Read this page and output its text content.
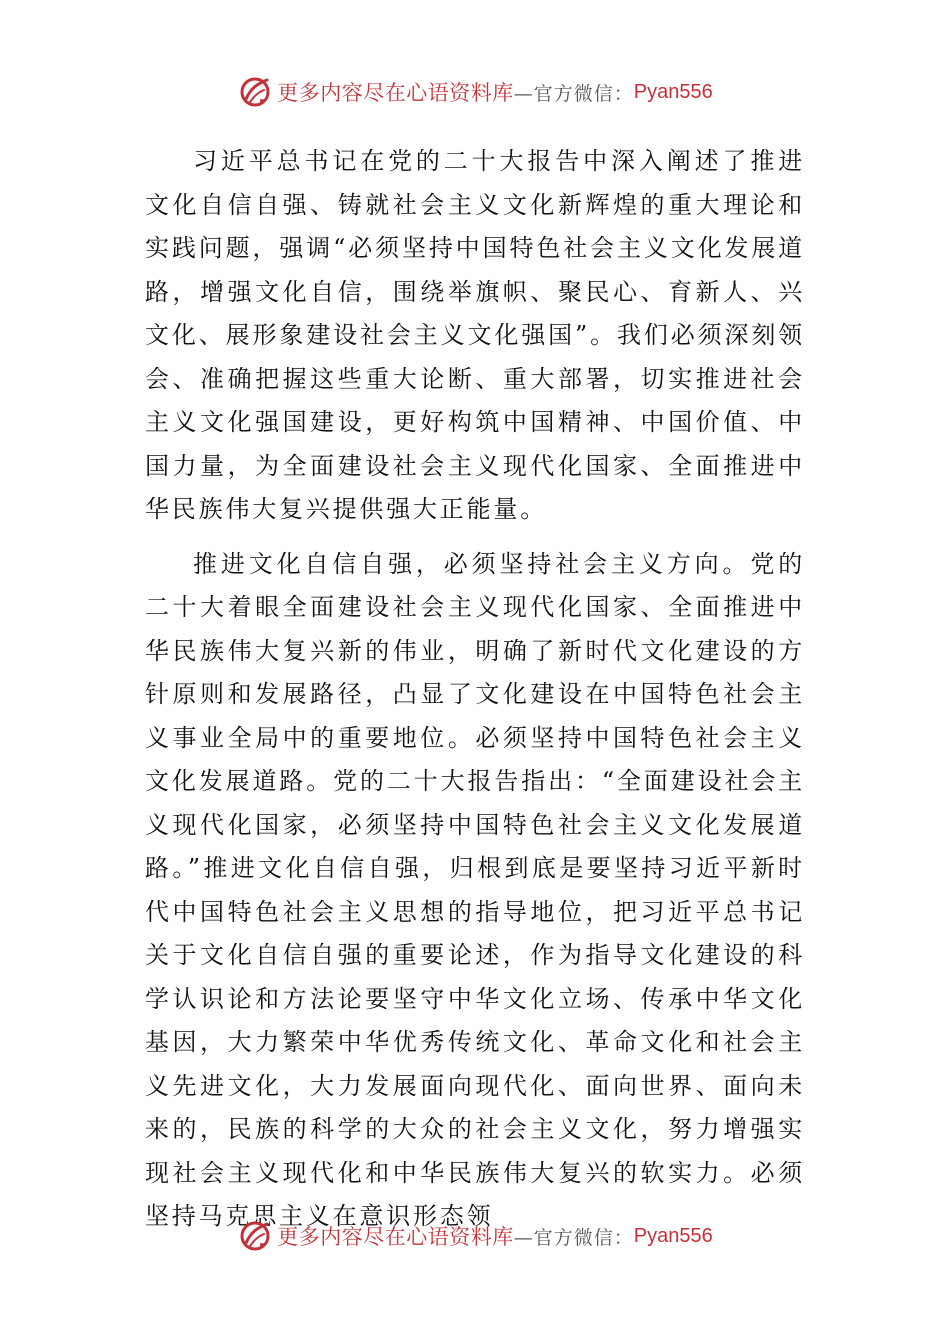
更多内容尽在心语资料库 —官方微信： Pyan556

习近平总书记在党的二十大报告中深入阐述了推进文化自信自强、铸就社会主义文化新辉煌的重大理论和实践问题，强调“必须坚持中国特色社会主义文化发展道路，增强文化自信，围绕举旗帜、聚民心、育新人、兴文化、展形象建设社会主义文化强国”。我们必须深刻领会、准确把握这些重大论断、重大部署，切实推进社会主义文化强国建设，更好构筑中国精神、中国价值、中国力量，为全面建设社会主义现代化国家、全面推进中华民族伟大复兴提供强大正能量。

推进文化自信自强，必须坚持社会主义方向。党的二十大着眼全面建设社会主义现代化国家、全面推进中华民族伟大复兴新的伟业，明确了新时代文化建设的方针原则和发展路径，凸显了文化建设在中国特色社会主义事业全局中的重要地位。必须坚持中国特色社会主义文化发展道路。党的二十大报告指出：“全面建设社会主义现代化国家，必须坚持中国特色社会主义文化发展道路。”推进文化自信自强，归根到底是要坚持习近平新时代中国特色社会主义思想的指导地位，把习近平总书记关于文化自信自强的重要论述，作为指导文化建设的科学认识论和方法论要坚守中华文化立场、传承中华文化基因，大力繁荣中华优秀传统文化、革命文化和社会主义先进文化，大力发展面向现代化、面向世界、面向未来的，民族的科学的大众的社会主义文化，努力增强实现社会主义现代化和中华民族伟大复兴的软实力。必须坚持马克思主义在意识形态领

更多内容尽在心语资料库 —官方微信： Pyan556
